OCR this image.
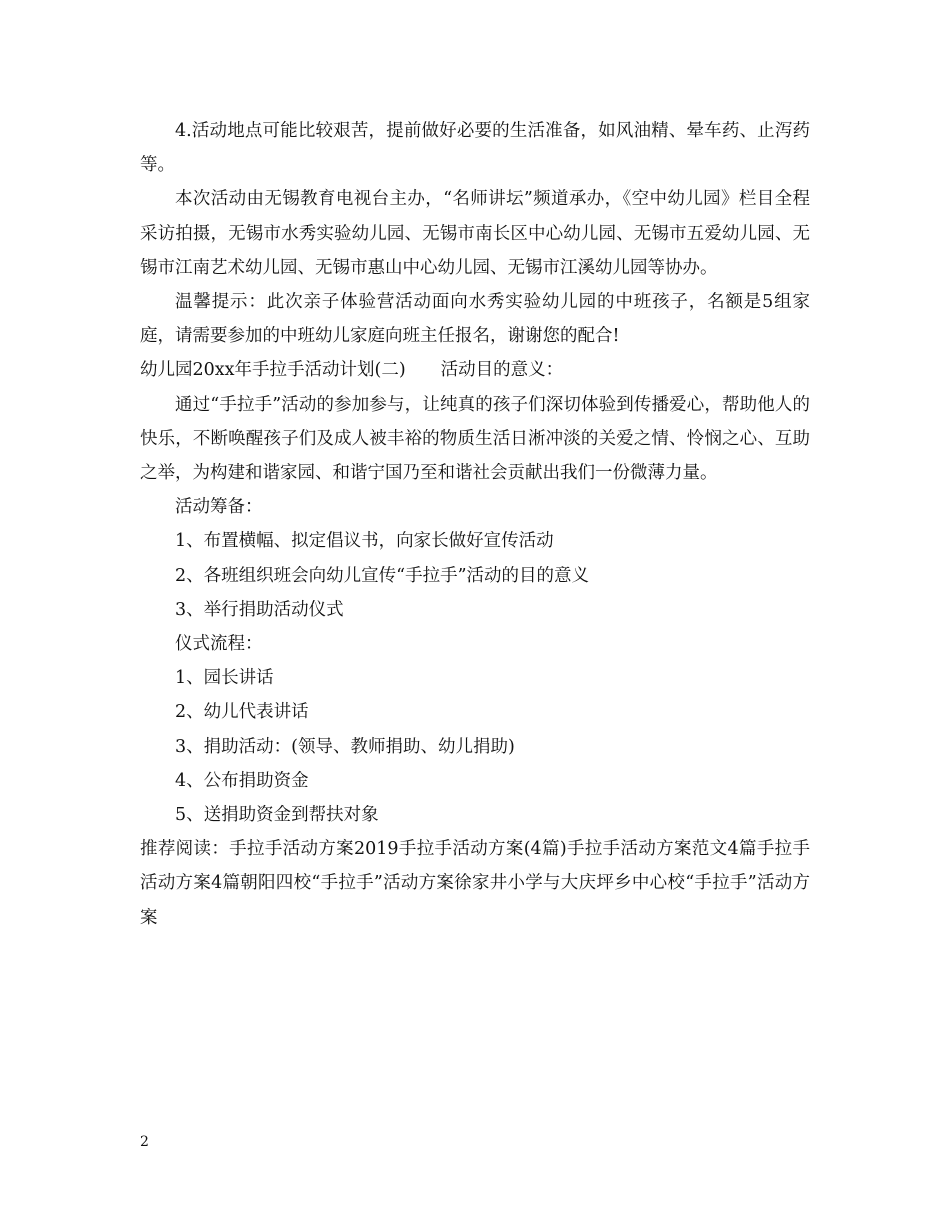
4.活动地点可能比较艰苦，提前做好必要的生活准备，如风油精、晕车药、止泻药等。

本次活动由无锡教育电视台主办，“名师讲坛”频道承办，《空中幼儿园》栏目全程采访拍摄，无锡市水秀实验幼儿园、无锡市南长区中心幼儿园、无锡市五爱幼儿园、无锡市江南艺术幼儿园、无锡市惠山中心幼儿园、无锡市江溪幼儿园等协办。

温馨提示：此次亲子体验营活动面向水秀实验幼儿园的中班孩子，名额是5组家庭，请需要参加的中班幼儿家庭向班主任报名，谢谢您的配合!

幼儿园20xx年手拉手活动计划(二) 活动目的意义：

通过“手拉手”活动的参加参与，让纯真的孩子们深切体验到传播爱心，帮助他人的快乐，不断唤醒孩子们及成人被丰裕的物质生活日淅冲淡的关爱之情、怜悯之心、互助之举，为构建和谐家园、和谐宁国乃至和谐社会贡献出我们一份微薄力量。

活动筹备：

1、布置横幅、拟定倡议书，向家长做好宣传活动

2、各班组织班会向幼儿宣传“手拉手”活动的目的意义

3、举行捐助活动仪式

仪式流程：

1、园长讲话

2、幼儿代表讲话

3、捐助活动：(领导、教师捐助、幼儿捐助)

4、公布捐助资金

5、送捐助资金到帮扶对象

推荐阅读：手拉手活动方案2019手拉手活动方案(4篇)手拉手活动方案范文4篇手拉手活动方案4篇朝阳四校“手拉手”活动方案徐家井小学与大庆坪乡中心校“手拉手”活动方案

2
